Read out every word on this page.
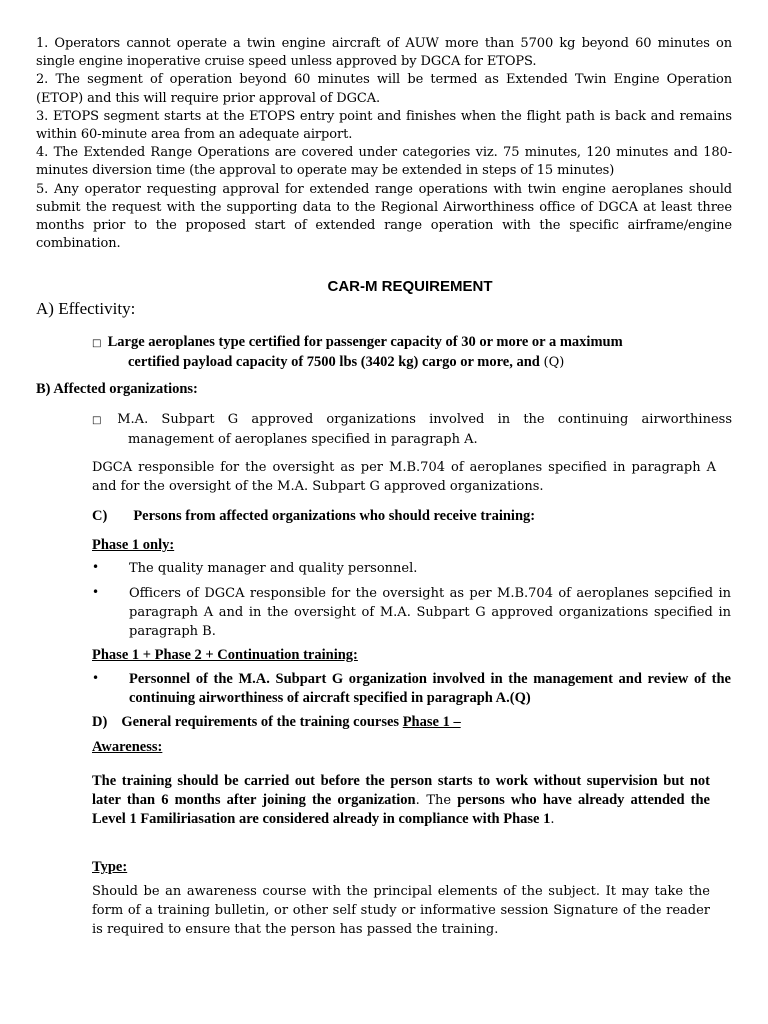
1. Operators cannot operate a twin engine aircraft of AUW more than 5700 kg beyond 60 minutes on single engine inoperative cruise speed unless approved by DGCA for ETOPS.

2. The segment of operation beyond 60 minutes will be termed as Extended Twin Engine Operation (ETOP) and this will require prior approval of DGCA.

3. ETOPS segment starts at the ETOPS entry point and finishes when the flight path is back and remains within 60-minute area from an adequate airport.

4. The Extended Range Operations are covered under categories viz. 75 minutes, 120 minutes and 180-minutes diversion time (the approval to operate may be extended in steps of 15 minutes)

5. Any operator requesting approval for extended range operations with twin engine aeroplanes should submit the request with the supporting data to the Regional Airworthiness office of DGCA at least three months prior to the proposed start of extended range operation with the specific airframe/engine combination.

CAR-M REQUIREMENT
A) Effectivity:
□ Large aeroplanes type certified for passenger capacity of 30 or more or a maximum
certified payload capacity of 7500 lbs (3402 kg) cargo or more, and (Q)
B) Affected organizations:
□ M.A. Subpart G approved organizations involved in the continuing airworthiness
management of aeroplanes specified in paragraph A.
DGCA responsible for the oversight as per M.B.704 of aeroplanes specified in paragraph A and for the oversight of the M.A. Subpart G approved organizations.
C) Persons from affected organizations who should receive training:
Phase 1 only:
• The quality manager and quality personnel.
• Officers of DGCA responsible for the oversight as per M.B.704 of aeroplanes sepcified in paragraph A and in the oversight of M.A. Subpart G approved organizations specified in paragraph B.
Phase 1 + Phase 2 + Continuation training:
• Personnel of the M.A. Subpart G organization involved in the management and review of the continuing airworthiness of aircraft specified in paragraph A.(Q)
D) General requirements of the training courses Phase 1 –
Awareness:
The training should be carried out before the person starts to work without supervision but not later than 6 months after joining the organization. The persons who have already attended the Level 1 Familiriasation are considered already in compliance with Phase 1.
Type:
Should be an awareness course with the principal elements of the subject. It may take the form of a training bulletin, or other self study or informative session Signature of the reader is required to ensure that the person has passed the training.
